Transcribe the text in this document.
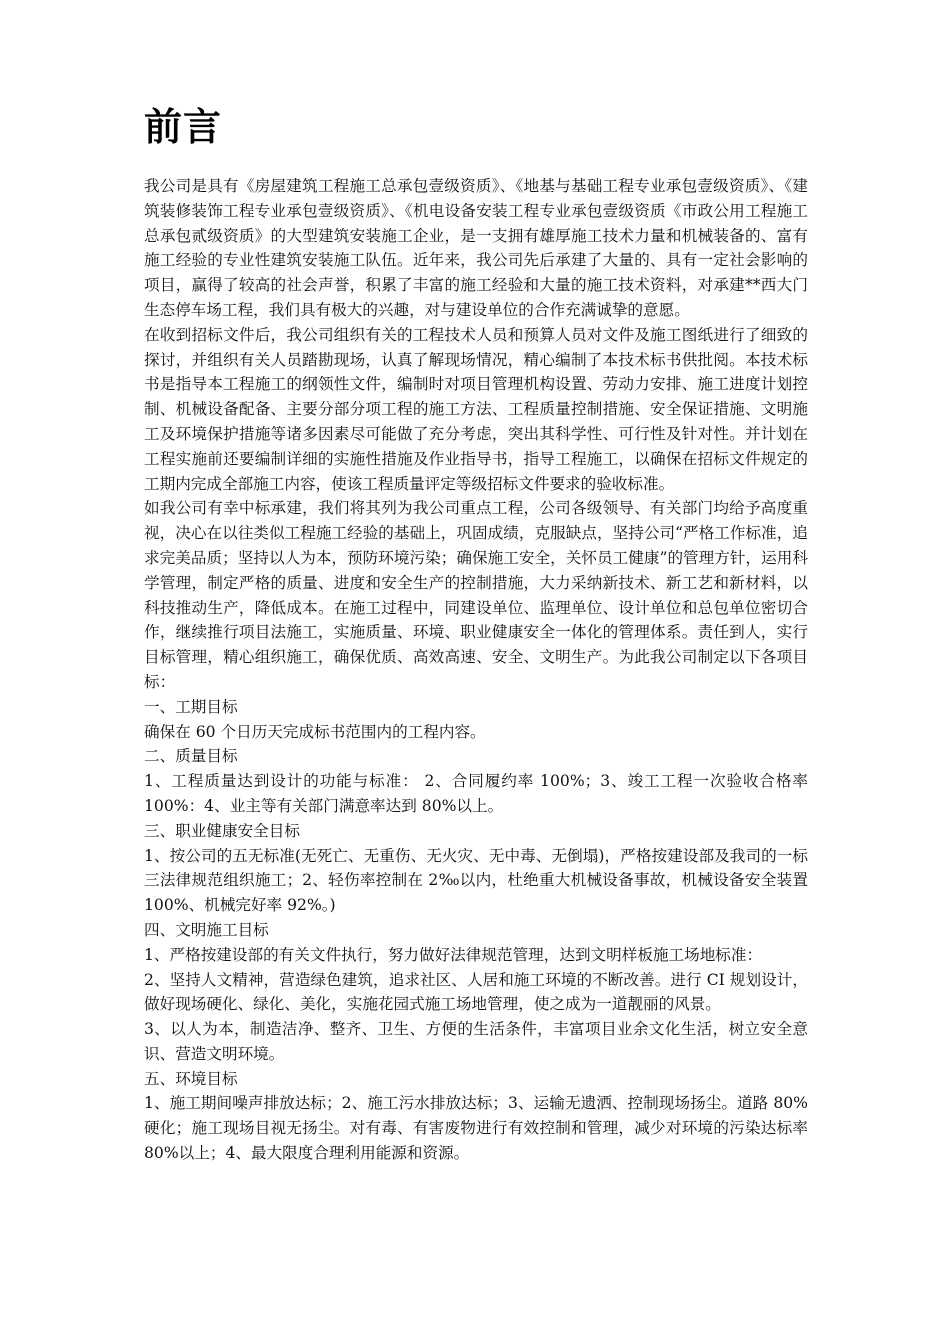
前言

我公司是具有《房屋建筑工程施工总承包壹级资质》、《地基与基础工程专业承包壹级资质》、《建筑装修装饰工程专业承包壹级资质》、《机电设备安装工程专业承包壹级资质《市政公用工程施工总承包贰级资质》的大型建筑安装施工企业，是一支拥有雄厚施工技术力量和机械装备的、富有施工经验的专业性建筑安装施工队伍。近年来，我公司先后承建了大量的、具有一定社会影响的项目，赢得了较高的社会声誉，积累了丰富的施工经验和大量的施工技术资料，对承建**西大门生态停车场工程，我们具有极大的兴趣，对与建设单位的合作充满诚挚的意愿。

在收到招标文件后，我公司组织有关的工程技术人员和预算人员对文件及施工图纸进行了细致的探讨，并组织有关人员踏勘现场，认真了解现场情况，精心编制了本技术标书供批阅。本技术标书是指导本工程施工的纲领性文件，编制时对项目管理机构设置、劳动力安排、施工进度计划控制、机械设备配备、主要分部分项工程的施工方法、工程质量控制措施、安全保证措施、文明施工及环境保护措施等诸多因素尽可能做了充分考虑，突出其科学性、可行性及针对性。并计划在工程实施前还要编制详细的实施性措施及作业指导书，指导工程施工，以确保在招标文件规定的工期内完成全部施工内容，使该工程质量评定等级招标文件要求的验收标准。

如我公司有幸中标承建，我们将其列为我公司重点工程，公司各级领导、有关部门均给予高度重视，决心在以往类似工程施工经验的基础上，巩固成绩，克服缺点，坚持公司“严格工作标准，追求完美品质；坚持以人为本，预防环境污染；确保施工安全，关怀员工健康”的管理方针，运用科学管理，制定严格的质量、进度和安全生产的控制措施，大力采纳新技术、新工艺和新材料，以科技推动生产，降低成本。在施工过程中，同建设单位、监理单位、设计单位和总包单位密切合作，继续推行项目法施工，实施质量、环境、职业健康安全一体化的管理体系。责任到人，实行目标管理，精心组织施工，确保优质、高效高速、安全、文明生产。为此我公司制定以下各项目标：

一、工期目标

确保在 60 个日历天完成标书范围内的工程内容。

二、质量目标

1、工程质量达到设计的功能与标准： 2、合同履约率 100%；3、竣工工程一次验收合格率 100%：4、业主等有关部门满意率达到 80%以上。

三、职业健康安全目标

1、按公司的五无标准(无死亡、无重伤、无火灾、无中毒、无倒塌)，严格按建设部及我司的一标三法律规范组织施工；2、轻伤率控制在 2‰以内，杜绝重大机械设备事故，机械设备安全装置 100%、机械完好率 92%。)

四、文明施工目标

1、严格按建设部的有关文件执行，努力做好法律规范管理，达到文明样板施工场地标准：

2、坚持人文精神，营造绿色建筑，追求社区、人居和施工环境的不断改善。进行 CI 规划设计，做好现场硬化、绿化、美化，实施花园式施工场地管理，使之成为一道靓丽的风景。

3、以人为本，制造洁净、整齐、卫生、方便的生活条件，丰富项目业余文化生活，树立安全意识、营造文明环境。

五、环境目标

1、施工期间噪声排放达标；2、施工污水排放达标；3、运输无遗洒、控制现场扬尘。道路 80%硬化；施工现场目视无扬尘。对有毒、有害废物进行有效控制和管理，减少对环境的污染达标率 80%以上；4、最大限度合理利用能源和资源。
